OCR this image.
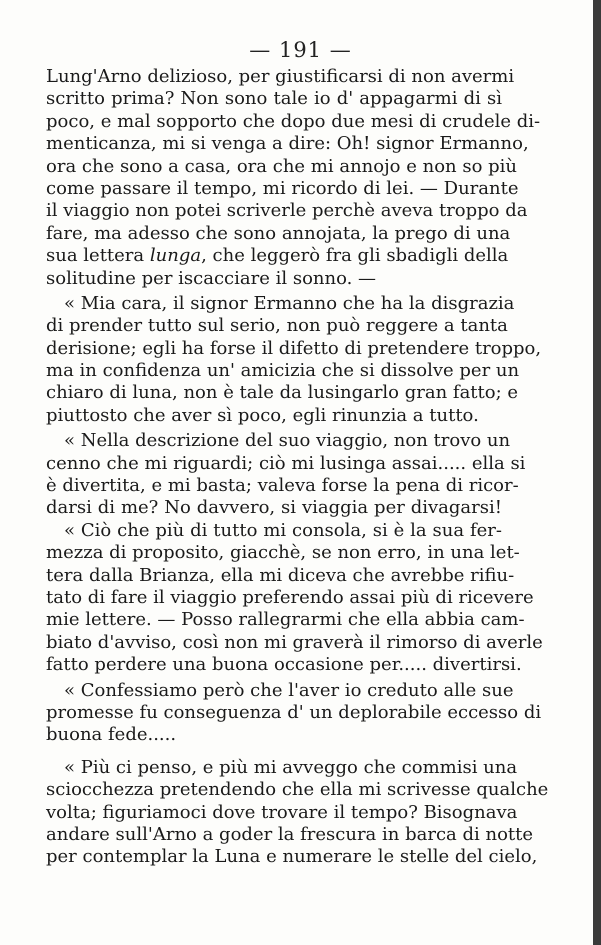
— 191 —
Lung'Arno delizioso, per giustificarsi di non avermi
scritto prima? Non sono tale io d' appagarmi di sì
poco, e mal sopporto che dopo due mesi di crudele di-
menticanza, mi si venga a dire: Oh! signor Ermanno,
ora che sono a casa, ora che mi annojo e non so più
come passare il tempo, mi ricordo di lei. — Durante
il viaggio non potei scriverle perchè aveva troppo da
fare, ma adesso che sono annojata, la prego di una
sua lettera lunga, che leggerò fra gli sbadigli della
solitudine per iscacciare il sonno. —
« Mia cara, il signor Ermanno che ha la disgrazia
di prender tutto sul serio, non può reggere a tanta
derisione; egli ha forse il difetto di pretendere troppo,
ma in confidenza un' amicizia che si dissolve per un
chiaro di luna, non è tale da lusingarlo gran fatto; e
piuttosto che aver sì poco, egli rinunzia a tutto.
« Nella descrizione del suo viaggio, non trovo un
cenno che mi riguardi; ciò mi lusinga assai..... ella si
è divertita, e mi basta; valeva forse la pena di ricor-
darsi di me? No davvero, si viaggia per divagarsi!
« Ciò che più di tutto mi consola, si è la sua fer-
mezza di proposito, giacchè, se non erro, in una let-
tera dalla Brianza, ella mi diceva che avrebbe rifiu-
tato di fare il viaggio preferendo assai più di ricevere
mie lettere. — Posso rallegrarmi che ella abbia cam-
biato d'avviso, così non mi graverà il rimorso di averle
fatto perdere una buona occasione per..... divertirsi.
« Confessiamo però che l'aver io creduto alle sue
promesse fu conseguenza d' un deplorabile eccesso di
buona fede.....
« Più ci penso, e più mi avveggo che commisi una
sciocchezza pretendendo che ella mi scrivesse qualche
volta; figuriamoci dove trovare il tempo? Bisognava
andare sull'Arno a goder la frescura in barca di notte
per contemplar la Luna e numerare le stelle del cielo,
